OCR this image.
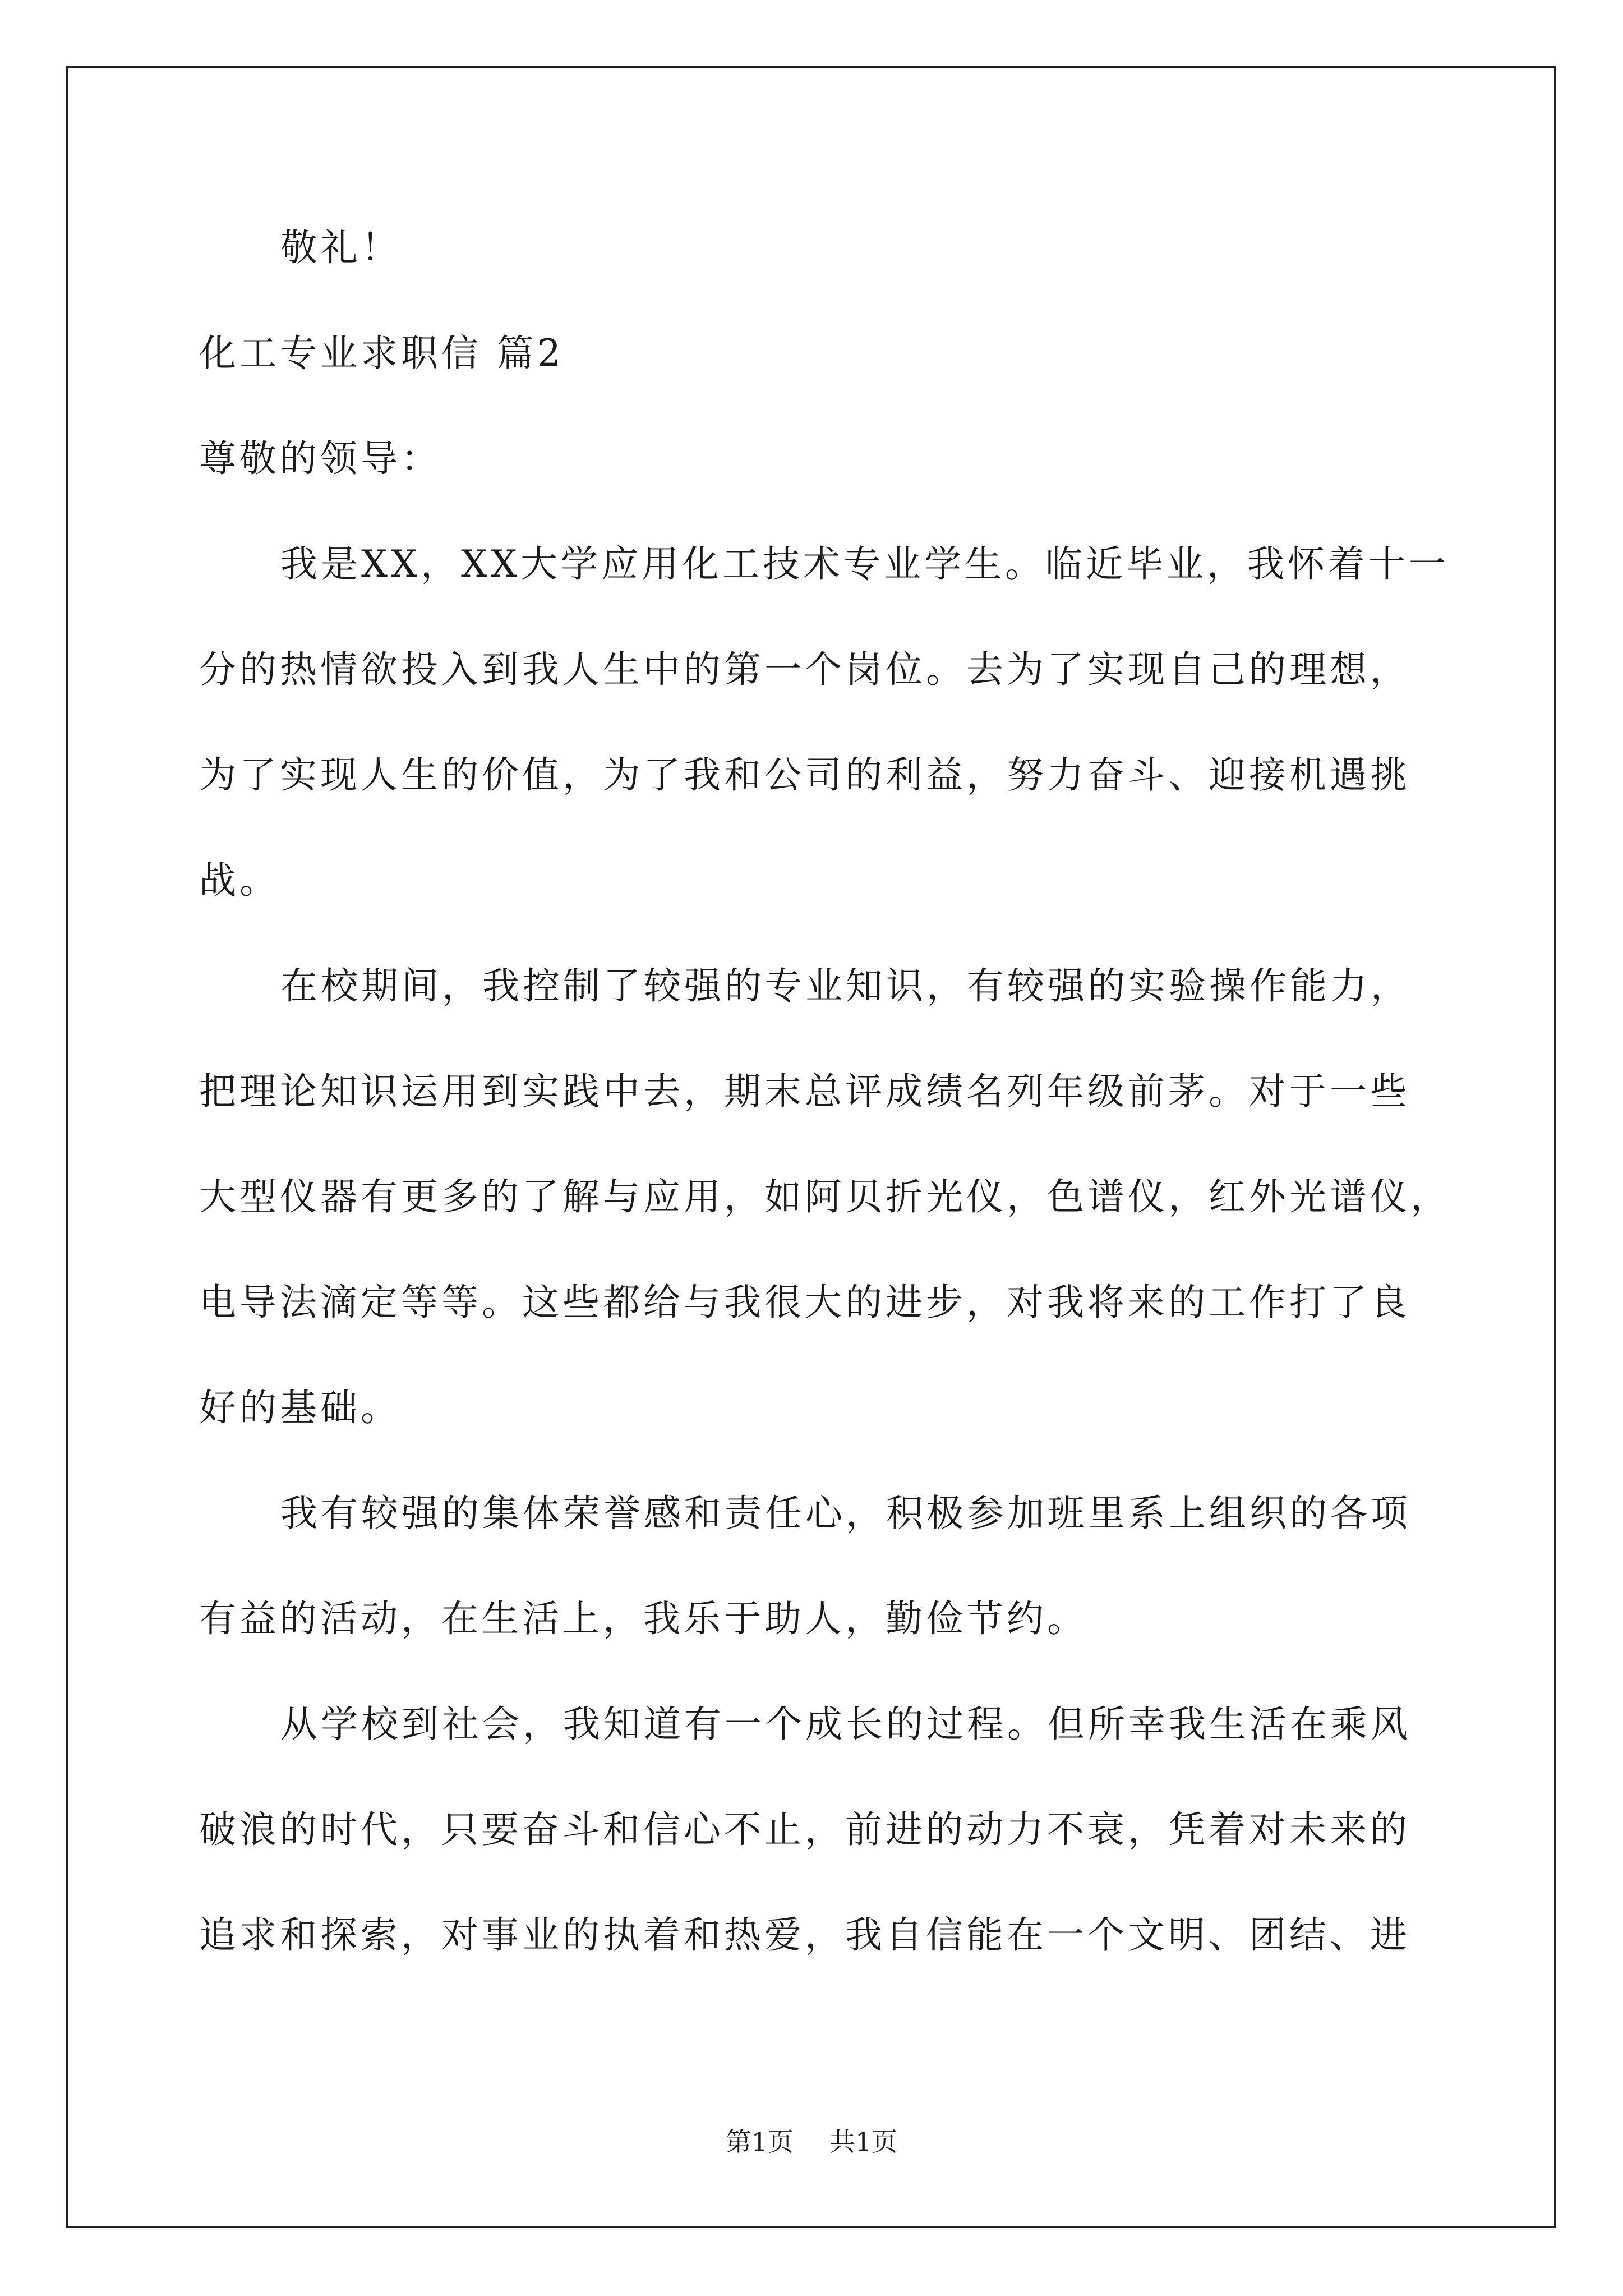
敬礼！
化工专业求职信 篇2
尊敬的领导：
我是XX，XX大学应用化工技术专业学生。临近毕业，我怀着十一
分的热情欲投入到我人生中的第一个岗位。去为了实现自己的理想，
为了实现人生的价值，为了我和公司的利益，努力奋斗、迎接机遇挑
战。
在校期间，我控制了较强的专业知识，有较强的实验操作能力，
把理论知识运用到实践中去，期末总评成绩名列年级前茅。对于一些
大型仪器有更多的了解与应用，如阿贝折光仪，色谱仪，红外光谱仪，
电导法滴定等等。这些都给与我很大的进步，对我将来的工作打了良
好的基础。
我有较强的集体荣誉感和责任心，积极参加班里系上组织的各项
有益的活动，在生活上，我乐于助人，勤俭节约。
从学校到社会，我知道有一个成长的过程。但所幸我生活在乘风
破浪的时代，只要奋斗和信心不止，前进的动力不衰，凭着对未来的
追求和探索，对事业的执着和热爱，我自信能在一个文明、团结、进
第1页 共1页
